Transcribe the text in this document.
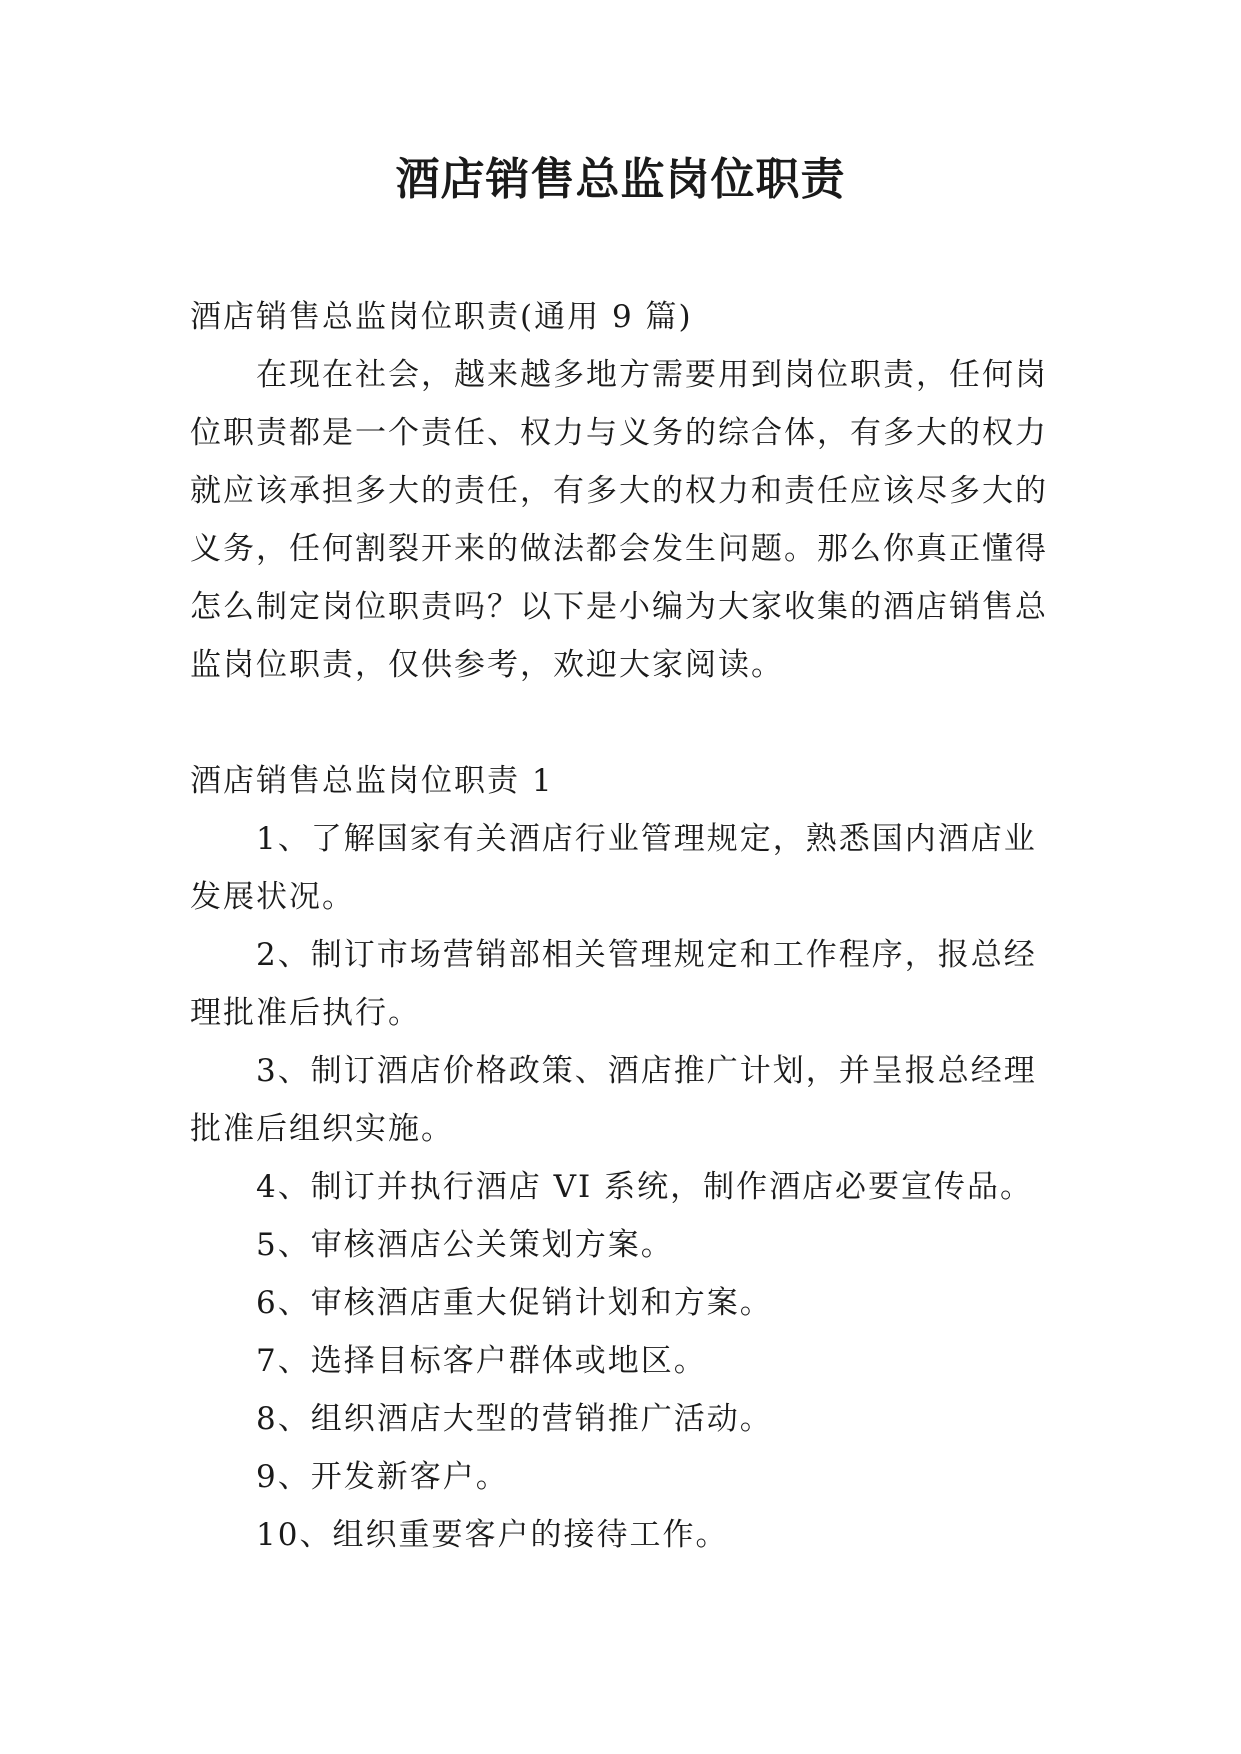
酒店销售总监岗位职责

酒店销售总监岗位职责(通用 9 篇)

在现在社会，越来越多地方需要用到岗位职责，任何岗位职责都是一个责任、权力与义务的综合体，有多大的权力就应该承担多大的责任，有多大的权力和责任应该尽多大的义务，任何割裂开来的做法都会发生问题。那么你真正懂得怎么制定岗位职责吗？以下是小编为大家收集的酒店销售总监岗位职责，仅供参考，欢迎大家阅读。

酒店销售总监岗位职责 1

1、了解国家有关酒店行业管理规定，熟悉国内酒店业发展状况。
2、制订市场营销部相关管理规定和工作程序，报总经理批准后执行。
3、制订酒店价格政策、酒店推广计划，并呈报总经理批准后组织实施。
4、制订并执行酒店 VI 系统，制作酒店必要宣传品。
5、审核酒店公关策划方案。
6、审核酒店重大促销计划和方案。
7、选择目标客户群体或地区。
8、组织酒店大型的营销推广活动。
9、开发新客户。
10、组织重要客户的接待工作。
